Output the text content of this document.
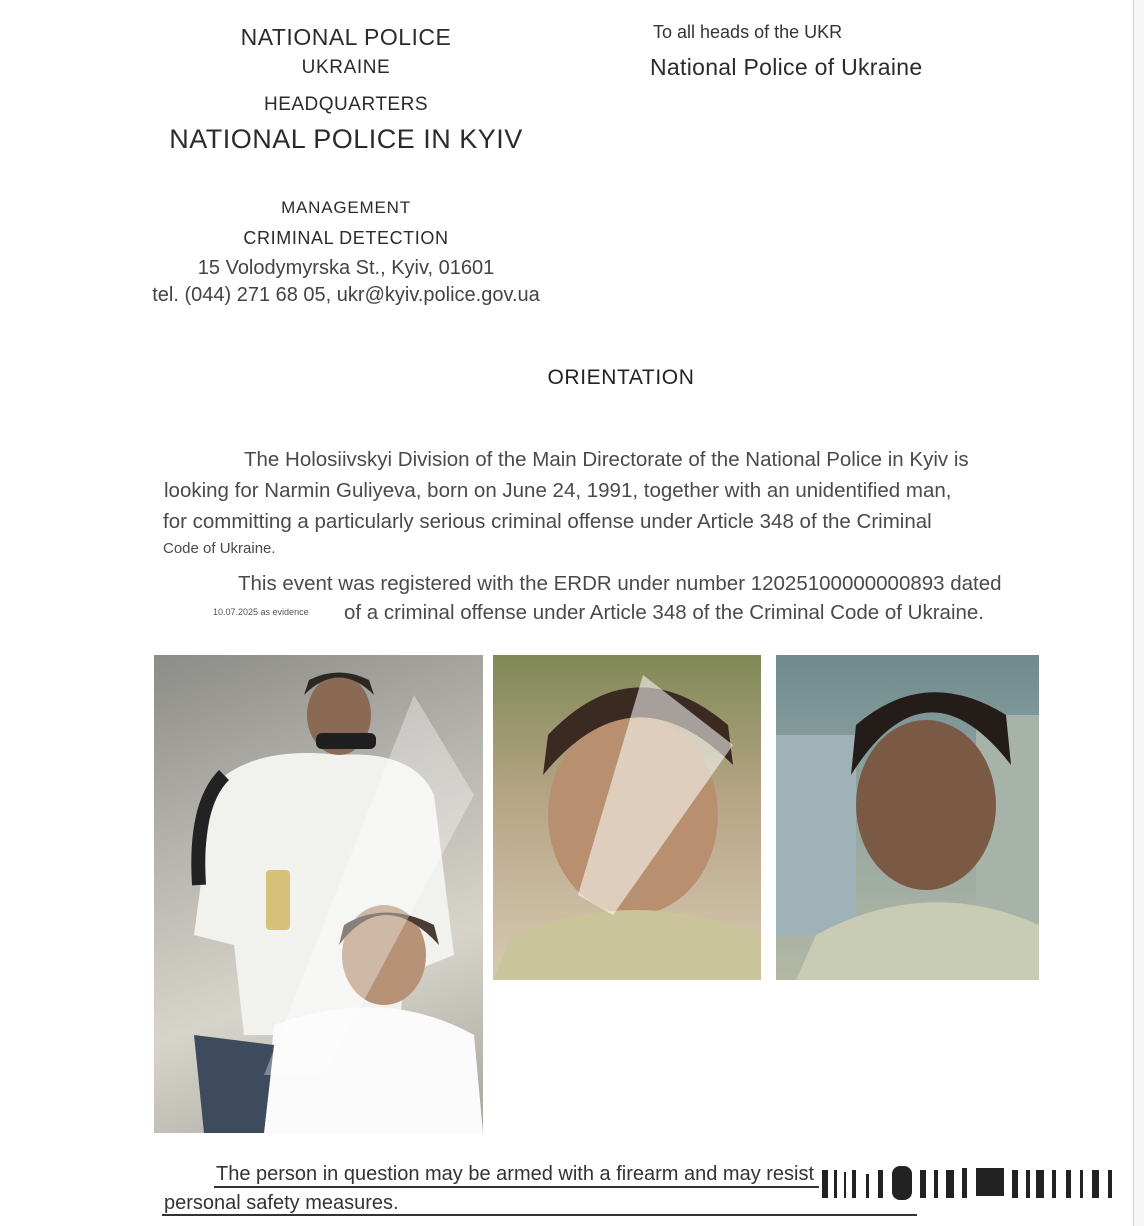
NATIONAL POLICE
UKRAINE
HEADQUARTERS
NATIONAL POLICE IN KYIV
MANAGEMENT
CRIMINAL DETECTION
15 Volodymyrska St., Kyiv, 01601
tel. (044) 271 68 05, ukr@kyiv.police.gov.ua
To all heads of the UKR
National Police of Ukraine
ORIENTATION
The Holosiivskyi Division of the Main Directorate of the National Police in Kyiv is
looking for Narmin Guliyeva, born on June 24, 1991, together with an unidentified man,
for committing a particularly serious criminal offense under Article 348 of the Criminal
Code of Ukraine.
This event was registered with the ERDR under number 12025100000000893 dated
10.07.2025 as evidence of a criminal offense under Article 348 of the Criminal Code of Ukraine.
The person in question may be armed with a firearm and may resist
personal safety measures.
